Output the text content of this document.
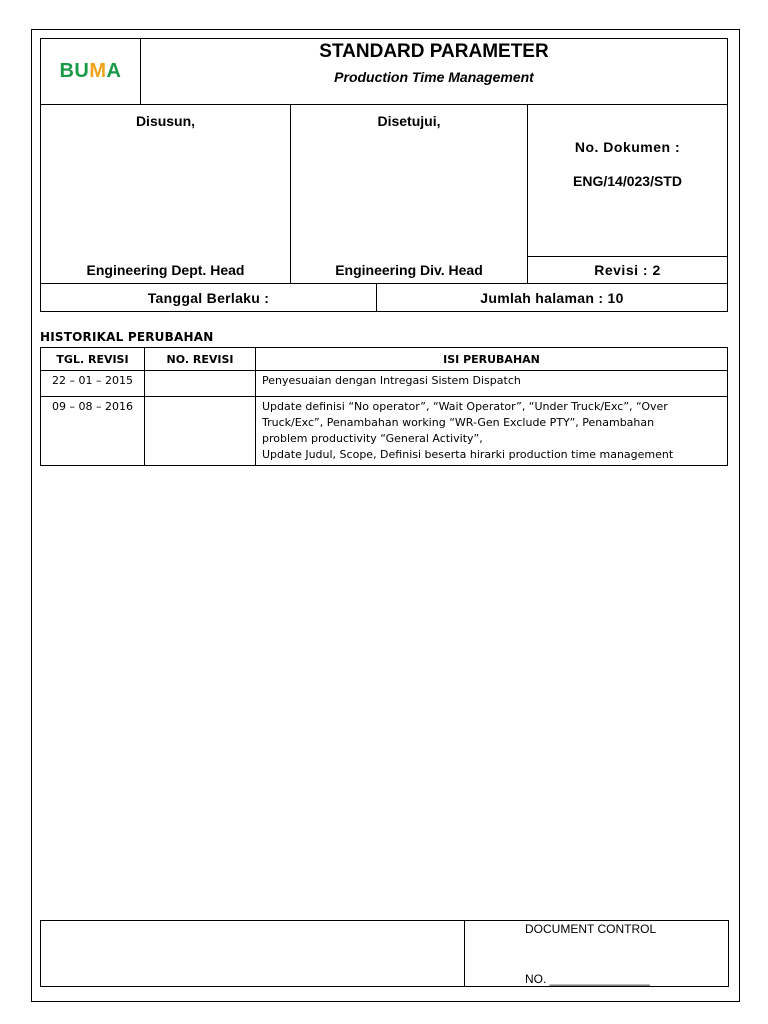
BUMA	
STANDARD PARAMETER
Production Time Management
Disusun,
Engineering Dept. Head

Disetujui,
Engineering Div. Head

No. Dokumen :
ENG/14/023/STD

Revisi : 2
Tanggal Berlaku :	Jumlah halaman : 10
HISTORIKAL PERUBAHAN
TGL. REVISI	NO. REVISI	ISI PERUBAHAN
22 – 01 – 2015		Penyesuaian dengan Intregasi Sistem Dispatch

09 – 08 – 2016		Update definisi “No operator”, “Wait Operator”, “Under Truck/Exc”, “Over
Truck/Exc”, Penambahan working “WR-Gen Exclude PTY”, Penambahan
problem productivity “General Activity”,
Update Judul, Scope, Definisi beserta hirarki production time management

DOCUMENT CONTROL
NO. _______________
